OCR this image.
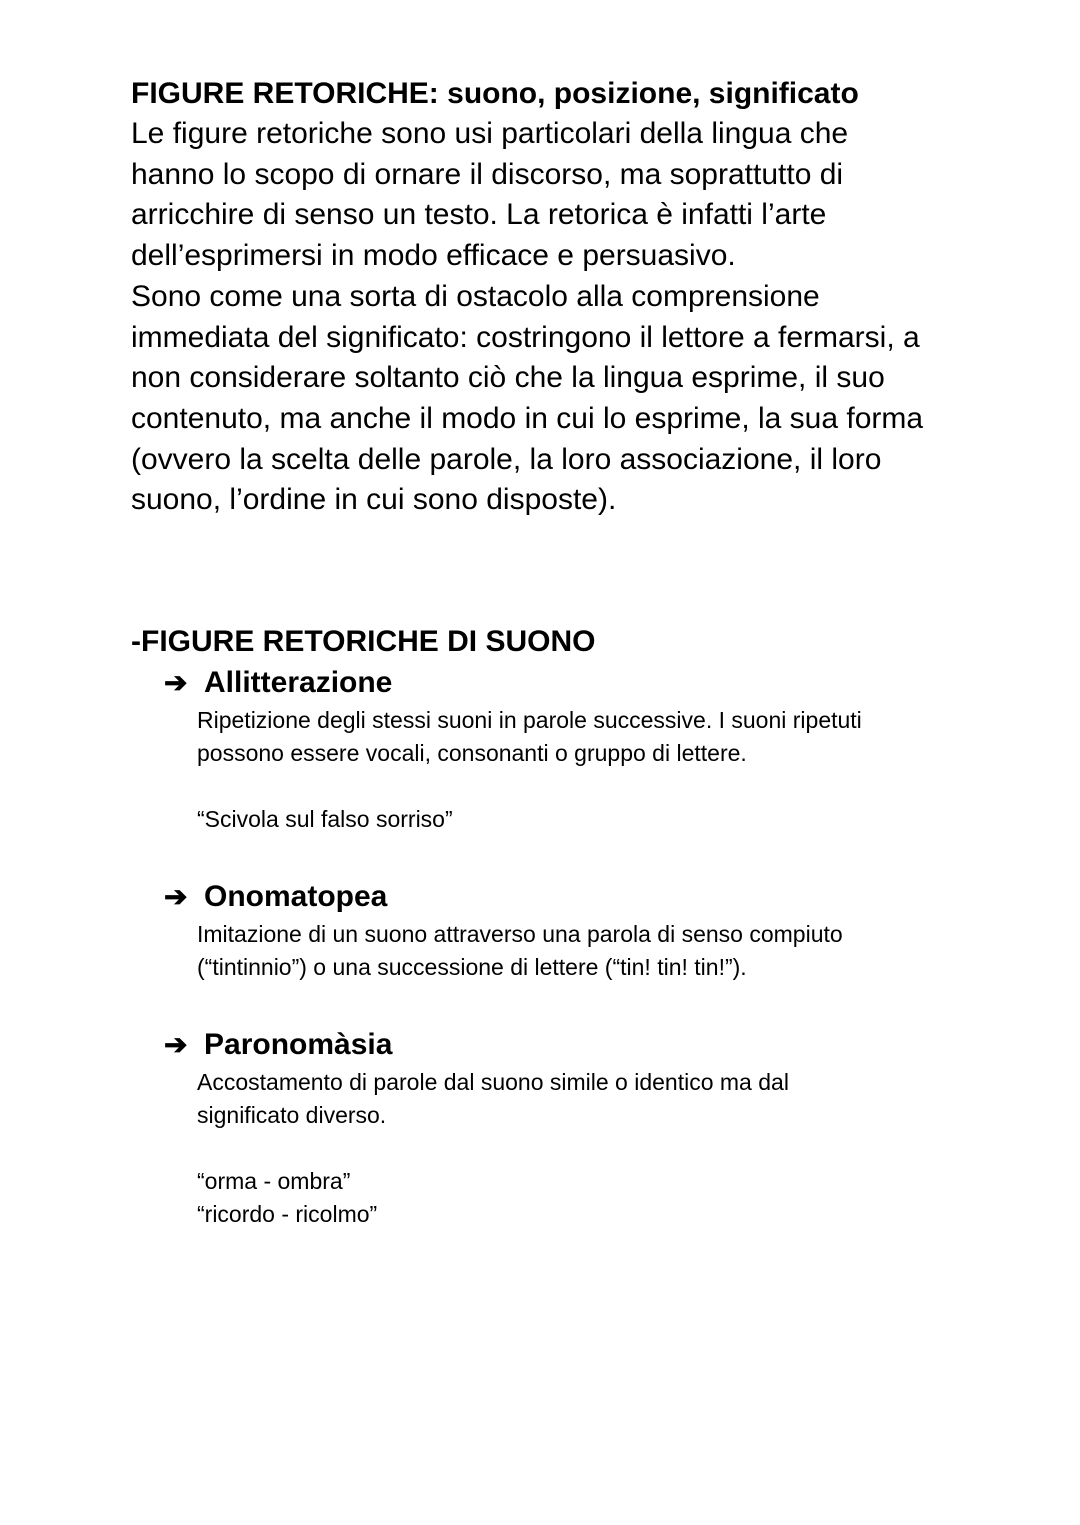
FIGURE RETORICHE: suono, posizione, significato

Le figure retoriche sono usi particolari della lingua che

hanno lo scopo di ornare il discorso, ma soprattutto di

arricchire di senso un testo. La retorica è infatti l’arte

dell’esprimersi in modo efficace e persuasivo.

Sono come una sorta di ostacolo alla comprensione

immediata del significato: costringono il lettore a fermarsi, a

non considerare soltanto ciò che la lingua esprime, il suo

contenuto, ma anche il modo in cui lo esprime, la sua forma

(ovvero la scelta delle parole, la loro associazione, il loro

suono, l’ordine in cui sono disposte).

-FIGURE RETORICHE DI SUONO
➔ Allitterazione

Ripetizione degli stessi suoni in parole successive. I suoni ripetuti

possono essere vocali, consonanti o gruppo di lettere.

“Scivola sul falso sorriso”

➔ Onomatopea

Imitazione di un suono attraverso una parola di senso compiuto

(“tintinnio”) o una successione di lettere (“tin! tin! tin!”).

➔ Paronomàsia

Accostamento di parole dal suono simile o identico ma dal

significato diverso.

“orma - ombra”

“ricordo - ricolmo”
